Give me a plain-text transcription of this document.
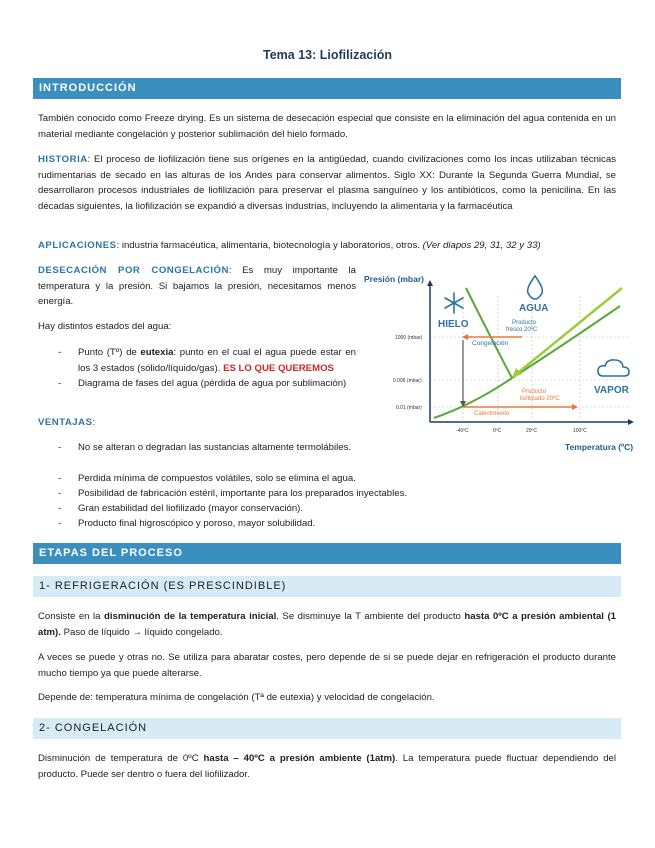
Tema 13: Liofilización
INTRODUCCIÓN
También conocido como Freeze drying. Es un sistema de desecación especial que consiste en la eliminación del agua contenida en un material mediante congelación y posterior sublimación del hielo formado.
HISTORIA: El proceso de liofilización tiene sus orígenes en la antigüedad, cuando civilizaciones como los incas utilizaban técnicas rudimentarias de secado en las alturas de los Andes para conservar alimentos. Siglo XX: Durante la Segunda Guerra Mundial, se desarrollaron procesos industriales de liofilización para preservar el plasma sanguíneo y los antibióticos, como la penicilina. En las décadas siguientes, la liofilización se expandió a diversas industrias, incluyendo la alimentaria y la farmacéutica
APLICACIONES: industria farmacéutica, alimentaria, biotecnología y laboratorios, otros. (Ver diapos 29, 31, 32 y 33)
DESECACIÓN POR CONGELACIÓN: Es muy importante la temperatura y la presión. Si bajamos la presión, necesitamos menos energía.
Hay distintos estados del agua:
- Punto (Tº) de eutexia: punto en el cual el agua puede estar en los 3 estados (sólido/líquido/gas). ES LO QUE QUEREMOS
- Diagrama de fases del agua (pérdida de agua por sublimación)
VENTAJAS:
- No se alteran o degradan las sustancias altamente termolábiles.
- Perdida mínima de compuestos volátiles, solo se elimina el agua.
- Posibilidad de fabricación estéril, importante para los preparados inyectables.
- Gran estabilidad del liofilizado (mayor conservación).
- Producto final higroscópico y poroso, mayor solubilidad.
Presión (mbar)
Temperatura (ºC)
1000 (mbar)
0.006 (mbar)
0.01 (mbar)
-40ºC	0ºC	20ºC	100ºC
Congelación
Producto
fresco 20ºC
Producto
liofilizado 20ºC
Calentmiento
HIELO
AGUA
VAPOR
ETAPAS DEL PROCESO
1- REFRIGERACIÓN (ES PRESCINDIBLE)
Consiste en la disminución de la temperatura inicial. Se disminuye la T ambiente del producto hasta 0ºC a presión ambiental (1 atm). Paso de líquido → líquido congelado.
A veces se puede y otras no. Se utiliza para abaratar costes, pero depende de si se puede dejar en refrigeración el producto durante mucho tiempo ya que puede alterarse.
Depende de: temperatura mínima de congelación (Tª de eutexia) y velocidad de congelación.
2- CONGELACIÓN
Disminución de temperatura de 0ºC hasta – 40ºC a presión ambiente (1atm). La temperatura puede fluctuar dependiendo del producto. Puede ser dentro o fuera del liofilizador.
